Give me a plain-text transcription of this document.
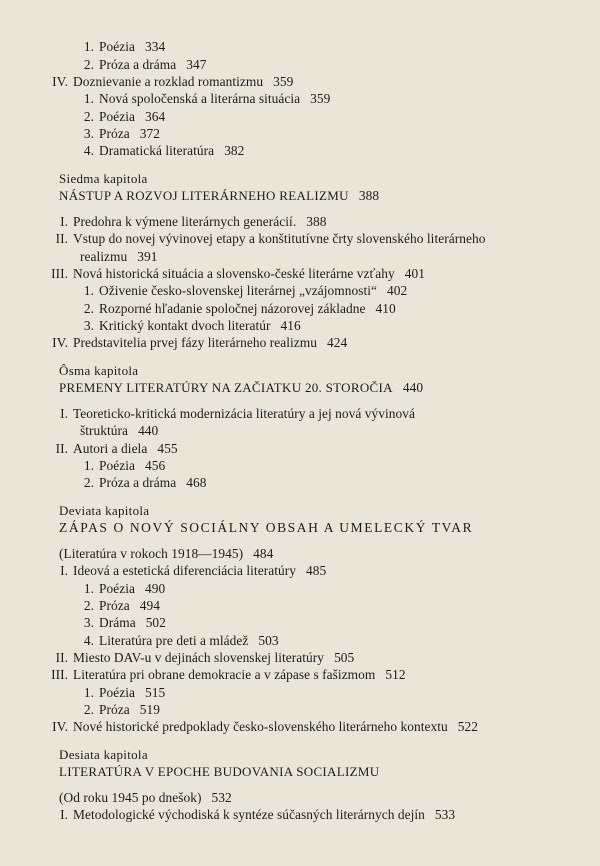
1. Poézia 334
2. Próza a dráma 347
IV. Doznievanie a rozklad romantizmu 359
1. Nová spoločenská a literárna situácia 359
2. Poézia 364
3. Próza 372
4. Dramatická literatúra 382
Siedma kapitola
NÁSTUP A ROZVOJ LITERÁRNEHO REALIZMU 388
I. Predohra k výmene literárnych generácií. 388
II. Vstup do novej vývinovej etapy a konštitutívne črty slovenského literárneho
realizmu 391
III. Nová historická situácia a slovensko-české literárne vzťahy 401
1. Oživenie česko-slovenskej literárnej „vzájomnosti“ 402
2. Rozporné hľadanie spoločnej názorovej základne 410
3. Kritický kontakt dvoch literatúr 416
IV. Predstavitelia prvej fázy literárneho realizmu 424
Ôsma kapitola
PREMENY LITERATÚRY NA ZAČIATKU 20. STOROČIA 440
I. Teoreticko-kritická modernizácia literatúry a jej nová vývinová
štruktúra 440
II. Autori a diela 455
1. Poézia 456
2. Próza a dráma 468
Deviata kapitola
ZÁPAS O NOVÝ SOCIÁLNY OBSAH A UMELECKÝ TVAR
(Literatúra v rokoch 1918—1945) 484
I. Ideová a estetická diferenciácia literatúry 485
1. Poézia 490
2. Próza 494
3. Dráma 502
4. Literatúra pre deti a mládež 503
II. Miesto DAV-u v dejinách slovenskej literatúry 505
III. Literatúra pri obrane demokracie a v zápase s fašizmom 512
1. Poézia 515
2. Próza 519
IV. Nové historické predpoklady česko-slovenského literárneho kontextu 522
Desiata kapitola
LITERATÚRA V EPOCHE BUDOVANIA SOCIALIZMU
(Od roku 1945 po dnešok) 532
I. Metodologické východiská k syntéze súčasných literárnych dejín 533
